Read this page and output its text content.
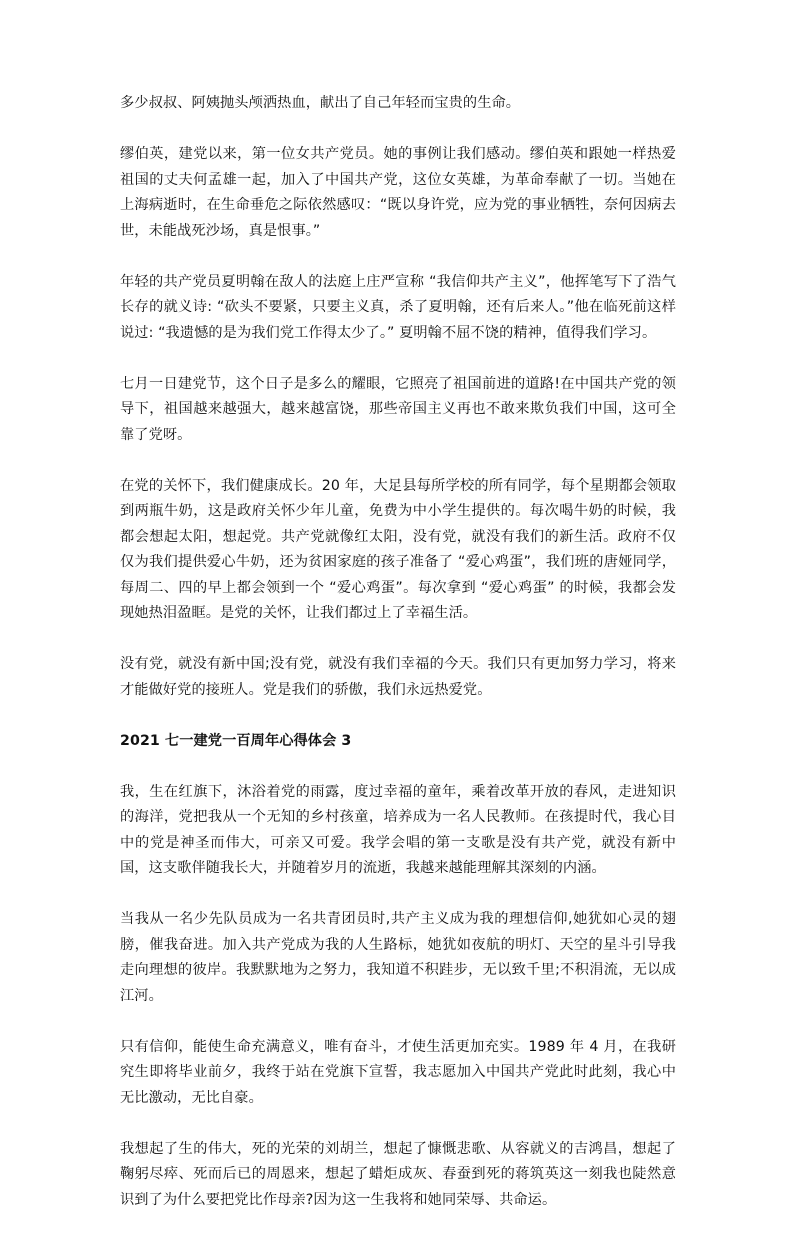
多少叔叔、阿姨抛头颅洒热血，献出了自己年轻而宝贵的生命。

缪伯英，建党以来，第一位女共产党员。她的事例让我们感动。缪伯英和跟她一样热爱祖国的丈夫何孟雄一起，加入了中国共产党，这位女英雄，为革命奉献了一切。当她在上海病逝时，在生命垂危之际依然感叹：“既以身许党，应为党的事业牺牲，奈何因病去世，未能战死沙场，真是恨事。”

年轻的共产党员夏明翰在敌人的法庭上庄严宣称 “我信仰共产主义”，他挥笔写下了浩气长存的就义诗: “砍头不要紧，只要主义真，杀了夏明翰，还有后来人。”他在临死前这样说过: “我遗憾的是为我们党工作得太少了。” 夏明翰不屈不饶的精神，值得我们学习。

七月一日建党节，这个日子是多么的耀眼，它照亮了祖国前进的道路!在中国共产党的领导下，祖国越来越强大，越来越富饶，那些帝国主义再也不敢来欺负我们中国，这可全靠了党呀。

在党的关怀下，我们健康成长。20 年，大足县每所学校的所有同学，每个星期都会领取到两瓶牛奶，这是政府关怀少年儿童，免费为中小学生提供的。每次喝牛奶的时候，我都会想起太阳，想起党。共产党就像红太阳，没有党，就没有我们的新生活。政府不仅仅为我们提供爱心牛奶，还为贫困家庭的孩子准备了 “爱心鸡蛋”，我们班的唐娅同学，每周二、四的早上都会领到一个 “爱心鸡蛋”。每次拿到 “爱心鸡蛋” 的时候，我都会发现她热泪盈眶。是党的关怀，让我们都过上了幸福生活。

没有党，就没有新中国;没有党，就没有我们幸福的今天。我们只有更加努力学习，将来才能做好党的接班人。党是我们的骄傲，我们永远热爱党。

2021 七一建党一百周年心得体会 3

我，生在红旗下，沐浴着党的雨露，度过幸福的童年，乘着改革开放的春风，走进知识的海洋，党把我从一个无知的乡村孩童，培养成为一名人民教师。在孩提时代，我心目中的党是神圣而伟大，可亲又可爱。我学会唱的第一支歌是没有共产党，就没有新中国，这支歌伴随我长大，并随着岁月的流逝，我越来越能理解其深刻的内涵。

当我从一名少先队员成为一名共青团员时,共产主义成为我的理想信仰,她犹如心灵的翅膀，催我奋进。加入共产党成为我的人生路标，她犹如夜航的明灯、天空的星斗引导我走向理想的彼岸。我默默地为之努力，我知道不积跬步，无以致千里;不积涓流，无以成江河。

只有信仰，能使生命充满意义，唯有奋斗，才使生活更加充实。1989 年 4 月，在我研究生即将毕业前夕，我终于站在党旗下宣誓，我志愿加入中国共产党此时此刻，我心中无比激动，无比自豪。

我想起了生的伟大，死的光荣的刘胡兰，想起了慷慨悲歌、从容就义的吉鸿昌，想起了鞠躬尽瘁、死而后已的周恩来，想起了蜡炬成灰、春蚕到死的蒋筑英这一刻我也陡然意识到了为什么要把党比作母亲?因为这一生我将和她同荣辱、共命运。
